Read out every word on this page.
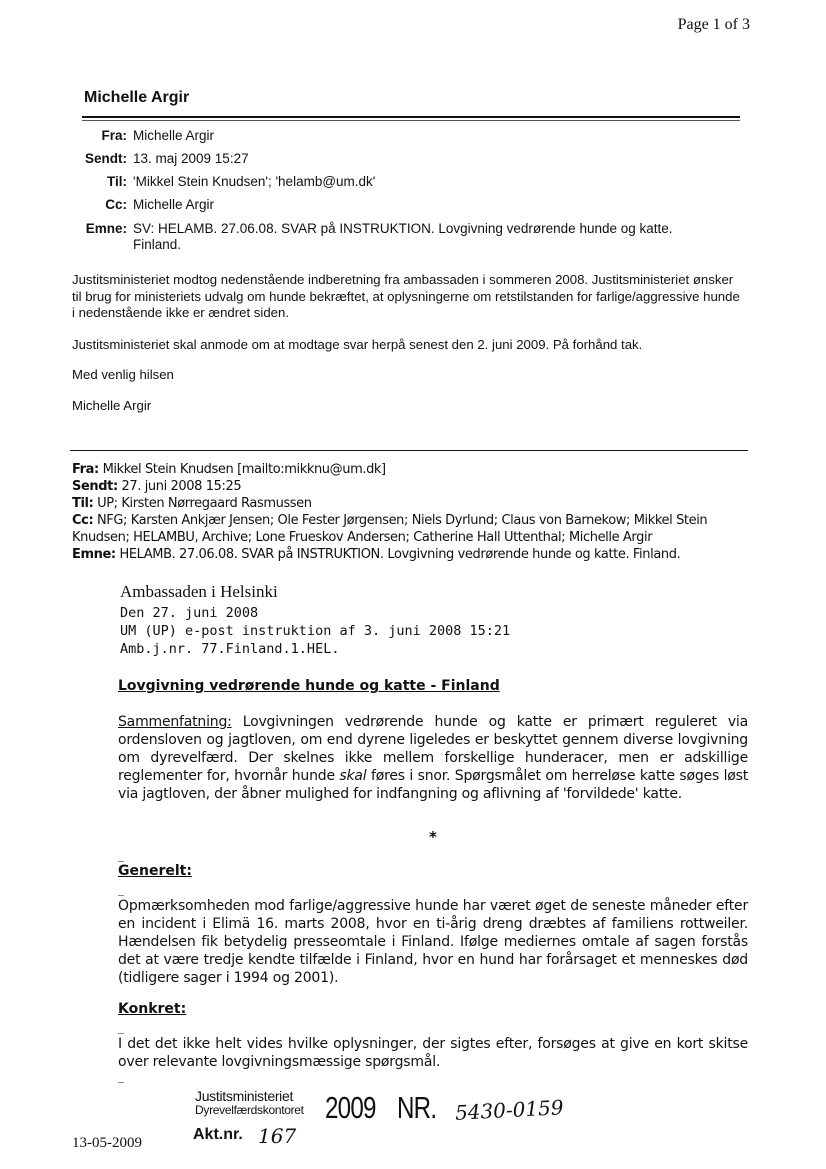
Page 1 of 3
Michelle Argir
Fra: Michelle Argir
Sendt: 13. maj 2009 15:27
Til: 'Mikkel Stein Knudsen'; 'helamb@um.dk'
Cc: Michelle Argir
Emne: SV: HELAMB. 27.06.08. SVAR på INSTRUKTION. Lovgivning vedrørende hunde og katte. Finland.
Justitsministeriet modtog nedenstående indberetning fra ambassaden i sommeren 2008. Justitsministeriet ønsker til brug for ministeriets udvalg om hunde bekræftet, at oplysningerne om retstilstanden for farlige/aggressive hunde i nedenstående ikke er ændret siden.
Justitsministeriet skal anmode om at modtage svar herpå senest den 2. juni 2009. På forhånd tak.
Med venlig hilsen
Michelle Argir
Fra: Mikkel Stein Knudsen [mailto:mikknu@um.dk]
Sendt: 27. juni 2008 15:25
Til: UP; Kirsten Nørregaard Rasmussen
Cc: NFG; Karsten Ankjær Jensen; Ole Fester Jørgensen; Niels Dyrlund; Claus von Barnekow; Mikkel Stein Knudsen; HELAMBU, Archive; Lone Frueskov Andersen; Catherine Hall Uttenthal; Michelle Argir
Emne: HELAMB. 27.06.08. SVAR på INSTRUKTION. Lovgivning vedrørende hunde og katte. Finland.
Ambassaden i Helsinki
Den 27. juni 2008
UM (UP) e-post instruktion af 3. juni 2008 15:21
Amb.j.nr. 77.Finland.1.HEL.
Lovgivning vedrørende hunde og katte - Finland
Sammenfatning: Lovgivningen vedrørende hunde og katte er primært reguleret via ordensloven og jagtloven, om end dyrene ligeledes er beskyttet gennem diverse lovgivning om dyrevelfærd. Der skelnes ikke mellem forskellige hunderacer, men er adskillige reglementer for, hvornår hunde skal føres i snor. Spørgsmålet om herreløse katte søges løst via jagtloven, der åbner mulighed for indfangning og aflivning af 'forvildede' katte.
*
–
Generelt:
–
Opmærksomheden mod farlige/aggressive hunde har været øget de seneste måneder efter en incident i Elimä 16. marts 2008, hvor en ti-årig dreng dræbtes af familiens rottweiler. Hændelsen fik betydelig presseomtale i Finland. Ifølge mediernes omtale af sagen forstås det at være tredje kendte tilfælde i Finland, hvor en hund har forårsaget et menneskes død (tidligere sager i 1994 og 2001).
Konkret:
–
I det det ikke helt vides hvilke oplysninger, der sigtes efter, forsøges at give en kort skitse over relevante lovgivningsmæssige spørgsmål.
–
13-05-2009
Justitsministeriet
Dyrevelfærdskontoret 2009 NR. 5430-0159
Akt.nr. 167
